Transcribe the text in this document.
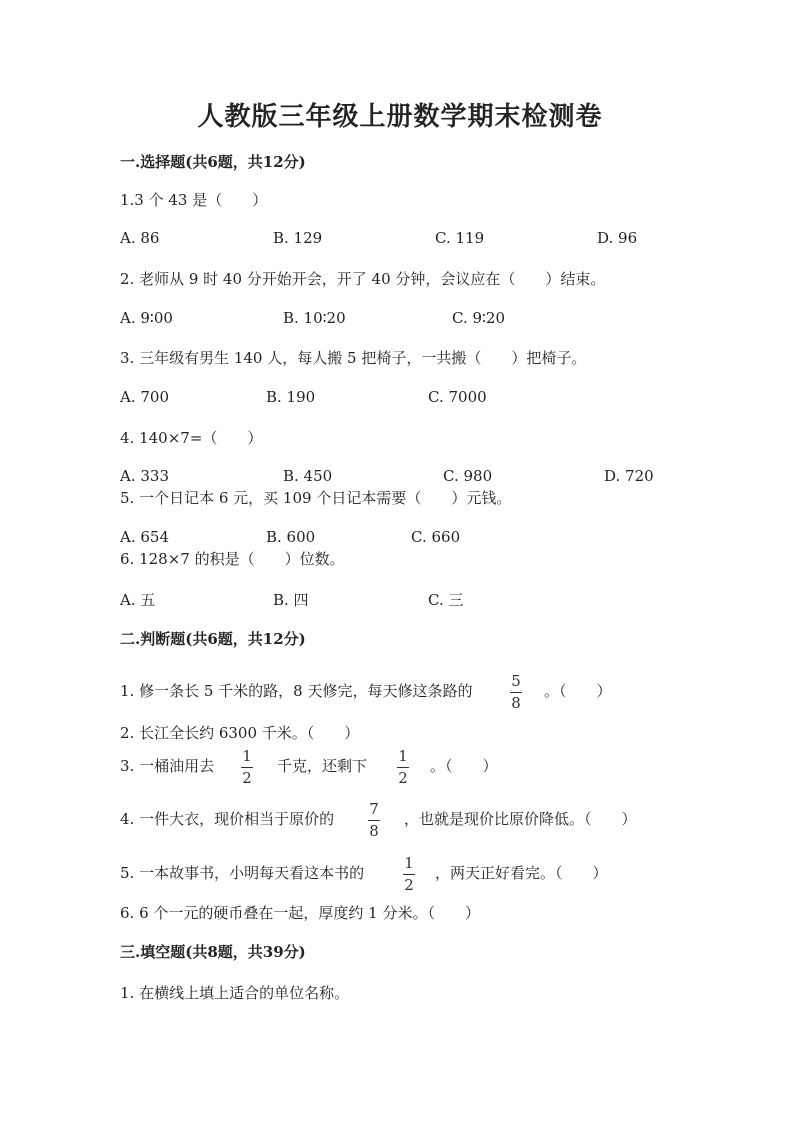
人教版三年级上册数学期末检测卷
一.选择题(共6题，共12分)
1.3 个 43 是（　　）
A. 86	B. 129	C. 119	D. 96
2. 老师从 9 时 40 分开始开会，开了 40 分钟，会议应在（　　）结束。
A. 9∶00	B. 10∶20	C. 9∶20
3. 三年级有男生 140 人，每人搬 5 把椅子，一共搬（　　）把椅子。
A. 700	B. 190	C. 7000
4. 140×7=（　　）
A. 333	B. 450	C. 980	D. 720
5. 一个日记本 6 元，买 109 个日记本需要（　　）元钱。
A. 654	B. 600	C. 660
6. 128×7 的积是（　　）位数。
A. 五	B. 四	C. 三
二.判断题(共6题，共12分)
1. 修一条长 5 千米的路，8 天修完，每天修这条路的
5
8
。（　　）
2. 长江全长约 6300 千米。（　　）
3. 一桶油用去
1
2
千克，还剩下
1
2
。（　　）
4. 一件大衣，现价相当于原价的
7
8
，也就是现价比原价降低。（　　）
5. 一本故事书，小明每天看这本书的
1
2
，两天正好看完。（　　）
6. 6 个一元的硬币叠在一起，厚度约 1 分米。（　　）
三.填空题(共8题，共39分)
1. 在横线上填上适合的单位名称。
